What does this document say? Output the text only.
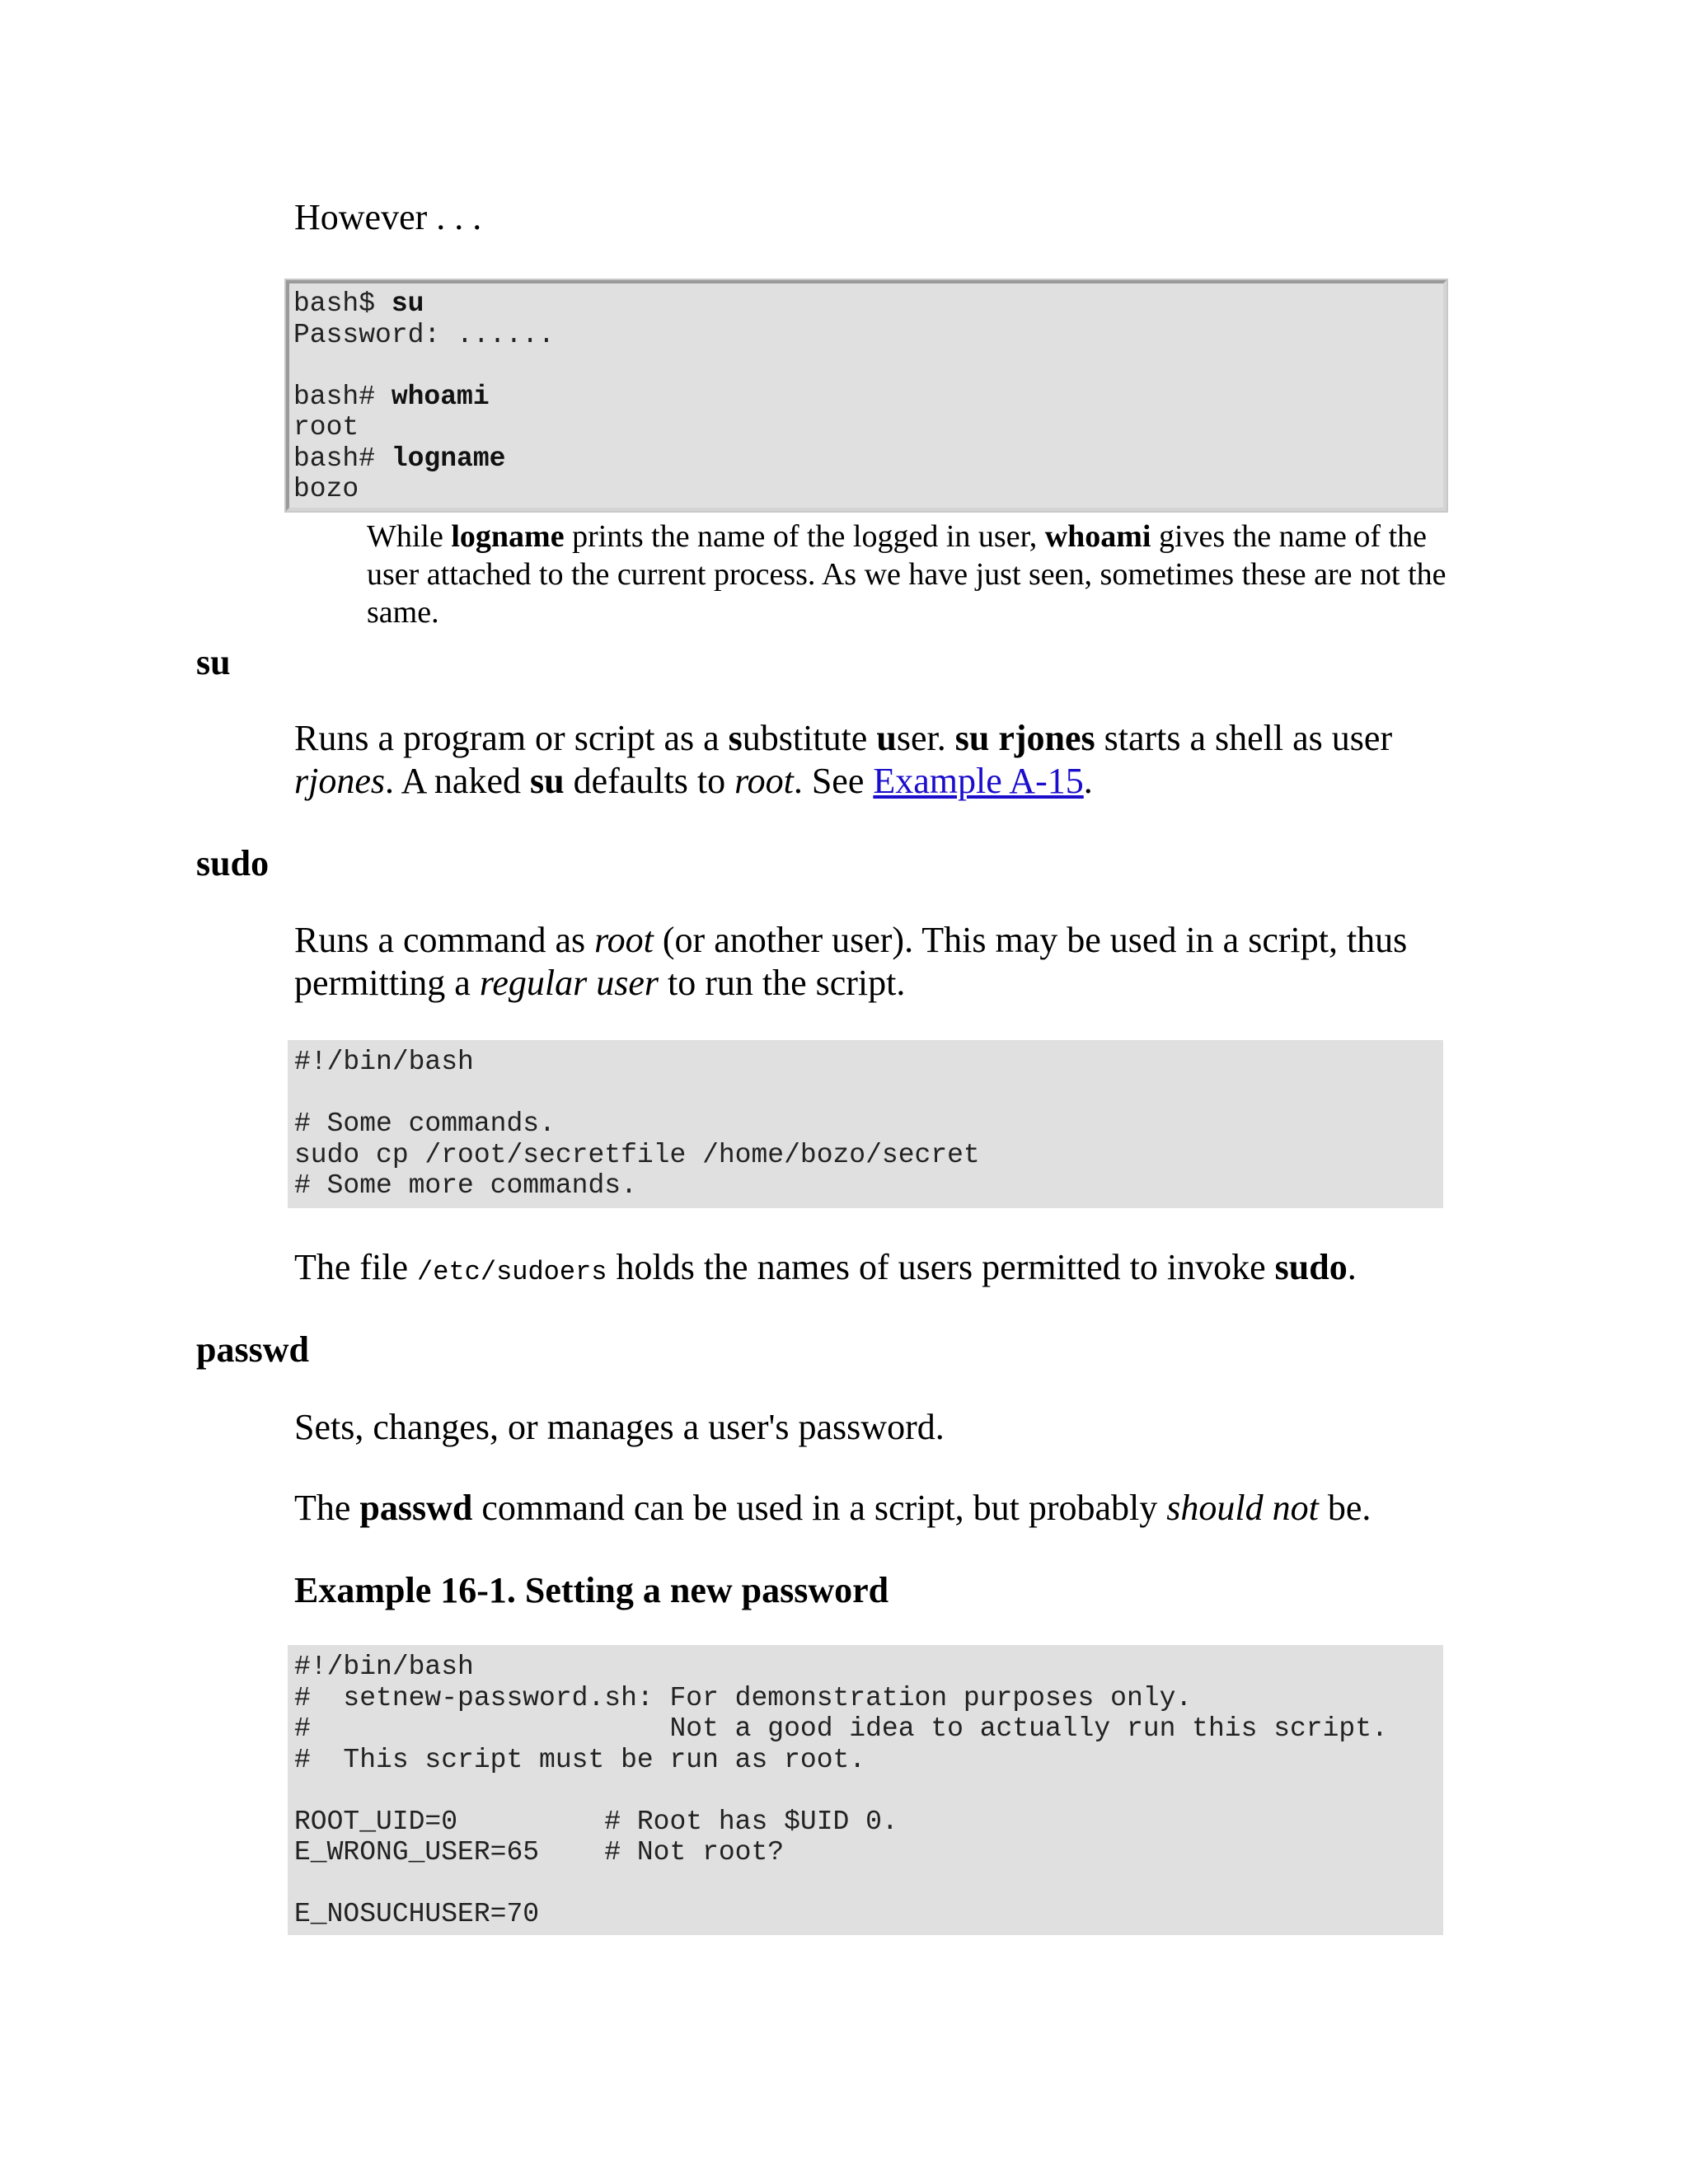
However . . .

bash$ su
Password: ......

bash# whoami
root
bash# logname
bozo

While logname prints the name of the logged in user, whoami gives the name of the user attached to the current process. As we have just seen, sometimes these are not the same.

su

Runs a program or script as a substitute user. su rjones starts a shell as user rjones. A naked su defaults to root. See Example A-15.

sudo

Runs a command as root (or another user). This may be used in a script, thus permitting a regular user to run the script.

#!/bin/bash

# Some commands.
sudo cp /root/secretfile /home/bozo/secret
# Some more commands.

The file /etc/sudoers holds the names of users permitted to invoke sudo.

passwd

Sets, changes, or manages a user's password.

The passwd command can be used in a script, but probably should not be.

Example 16-1. Setting a new password

#!/bin/bash
#  setnew-password.sh: For demonstration purposes only.
#                      Not a good idea to actually run this script.
#  This script must be run as root.

ROOT_UID=0         # Root has $UID 0.
E_WRONG_USER=65    # Not root?

E_NOSUCHUSER=70
